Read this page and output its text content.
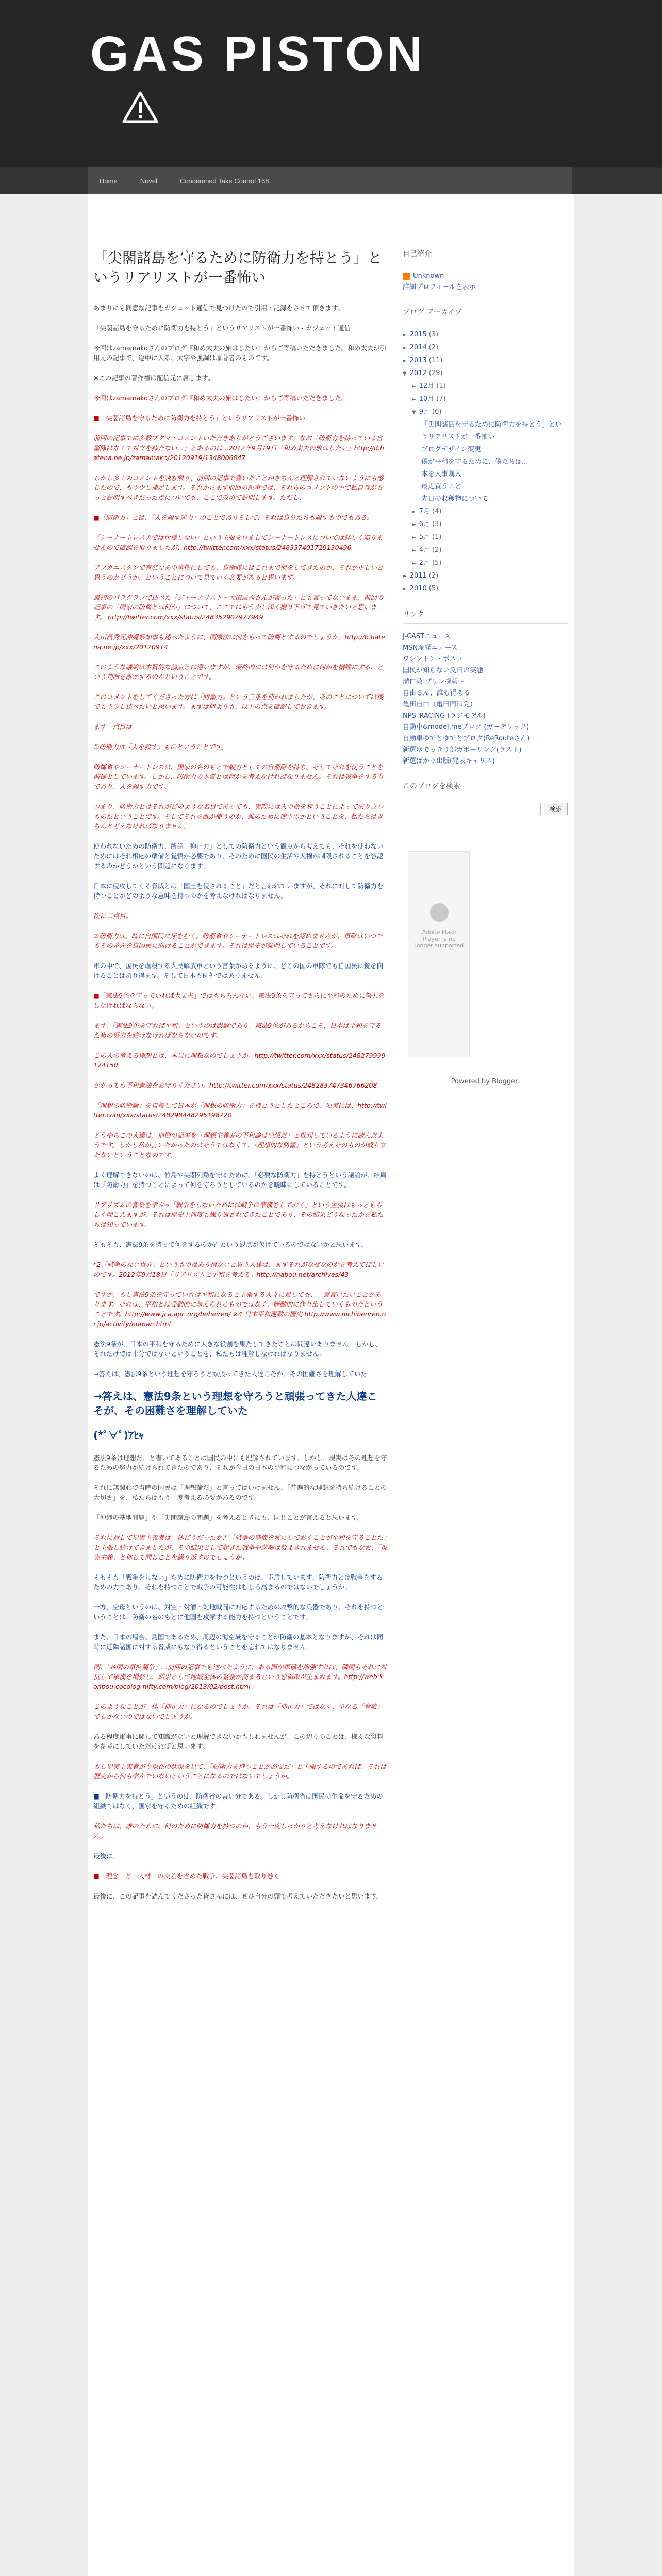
GAS PISTON
Home	Novel	Condemned Take Control 168
「尖閣諸島を守るために防衛力を持とう」というリアリストが一番怖い
あまりにも同意な記事をガジェット通信で見つけたので引用・記録をさせて頂きます。
「尖閣諸島を守るために防衛力を持とう」というリアリストが一番怖い - ガジェット通信
今回はzamamakoさんのブログ『和め太夫の旅はしたい』からご寄稿いただきました。和め太夫が引用元の記事で、途中に入る、太字や強調は原著者のものです。
※この記事の著作権は配信元に属します。
今回はzamamakoさんのブログ『和め太夫の旅はしたい』からご寄稿いただきました。
■「尖閣諸島を守るために防衛力を持とう」というリアリストが一番怖い
前回の記事でに多数ブクマ・コメントいただきありがとうございます。なお「防衛力を持っている自衛隊はなくて対立を持たない…」とあるのは…2012年9月19日「和め太夫の旅はしたい」http://d.hatena.ne.jp/zamamako/20120919/1348006047
しかし多くのコメントを読む限り、前回の記事で書いたことがきちんと理解されていないようにも感じたので、もう少し補足します。それからまず前回の記事では、それらのコメントの中で私自身がもっと説明すべきだった点についても、ここで改めて説明します。ただし、
■「防衛力」とは、「人を殺す能力」のことでありそして、それは自分たちも殺すものでもある。
「シーナートレスナでは仕様しない」という主張を見ましてシーナートレスについては詳しく知りませんので確認を取りましたが、http://twitter.com/xxx/status/248337401729130496
アフガニスタンで有名なあの事件にしても、自衛隊にはこれまで何をしてきたのか、それが正しいと思うのかどうか、ということについて見ていく必要があると思います。
最初のパラグラフで述べた「ジャーナリスト・大田昌秀さんが言った」とも言ってないまま、前回の記事の「国家の防衛とは何か」について、ここではもう少し深く掘り下げて見ていきたいと思います。 http://twitter.com/xxx/status/248352907977949
大田昌秀元沖縄県知事も述べたように、国際法は何をもって防衛とするのでしょうか。http://b.hatena.ne.jp/xxx/20120914
このような議論は本質的な論点とは違いますが、最終的には何かを守るために何かを犠牲にする、という判断を誰がするのかということです。
このコメントをしてくださった方は「防衛力」という言葉を使われましたが、そのことについては後でもう少し述べたいと思います。まずは何よりも、以下の点を確認しておきます。
まず一点目は
①防衛力は「人を殺す」ものということです。
防衛省やシーナートレスは、国家の名のもとで戦力としての自衛隊を持ち、そしてそれを使うことを前提としています。しかし、防衛力の本質とは何かを考えなければなりません。それは戦争をする力であり、人を殺す力です。
つまり、防衛力とはそれがどのような名目であっても、実際には人の命を奪うことによって成り立つものだということです。そしてそれを誰が使うのか、誰のために使うのかということを、私たちはきちんと考えなければなりません。
使われないための防衛力、所謂「抑止力」としての防衛力という観点から考えても、それを使わないためにはそれ相応の準備と覚悟が必要であり、そのために国民の生活や人権が制限されることを容認するのかどうかという問題になります。
日本に侵攻してくる脅威とは「国土を侵されること」だと言われていますが、それに対して防衛力を持つことがどのような意味を持つのかを考えなければなりません。
次に二点目。
②防衛力は、時に自国民に牙をむく。防衛省やシーナートレスはそれを認めませんが、軍隊はいつでもその矛先を自国民に向けることができます。それは歴史が証明していることです。
軍の中で、国民を虐殺する人民解放軍という言葉があるように、どこの国の軍隊でも自国民に銃を向けることはあり得ます。そして日本も例外ではありません。
■「憲法9条を守っていれば大丈夫」ではもちろんない。憲法9条を守ってさらに平和のために努力をしなければならない。
まず、「憲法9条を守れば平和」というのは誤解であり、憲法9条があるからこそ、日本は平和を守るための努力を続けなければならないのです。
この人の考える理想とは、本当に理想なのでしょうか。http://twitter.com/xxx/status/248279999174150
かかっても平和憲法をお守りください。http://twitter.com/xxx/status/248283747346766208
「理想の防衛論」を自慢して日本が「理想の防衛力」を持とうとしたところで、現実には、http://twitter.com/xxx/status/248298448295198720
どうやらこの人達は、前回の記事を「理想主義者の平和論は空想だ」と批判しているように読んだようです。しかし私が言いたかったのはそうではなくて、「理想的な防衛」という考えそのものが成り立たないということなのです。
よく理解できないのは、竹島や尖閣列島を守るために、「必要な防衛力」を持とうという議論が、結局は「防衛力」を持つことによって何を守ろうとしているのかを曖昧にしていることです。
リアリズムの背景を学ぶ⇒「戦争をしないためには戦争の準備をしておく」という主張はもっともらしく聞こえますが、それは歴史上何度も繰り返されてきたことであり、その結果どうなったかを私たちは知っています。
そもそも、憲法9条を持って何をするのか？という観点が欠けているのではないかと思います。
*2「戦争のない世界」というものはあり得ないと思う人達は、まずそれがなぜなのかを考えてほしいのです。2012年9月18日「リアリズムと平和を考える」http://nabou.net/archives/43
ですが、もし憲法9条を守っていれば平和になると主張する人々に対しても、一言言いたいことがあります。それは、平和とは受動的に与えられるものではなく、能動的に作り出していくものだということです。http://www.jca.apc.org/beheiren/ ※4 日本平和運動の歴史 http://www.nichibenren.or.jp/activity/human.html
憲法9条が、日本の平和を守るために大きな役割を果たしてきたことは間違いありません。しかし、それだけでは十分ではないということを、私たちは理解しなければなりません。
→答えは、憲法9条という理想を守ろうと頑張ってきた人達こそが、その困難さを理解していた
→答えは、憲法9条という理想を守ろうと頑張ってきた人達こそが、その困難さを理解していた
(*ﾟ∀ﾟ)ｱﾋｬ
憲法9条は理想だ、と書いてあることは国民の中にも理解されています。しかし、現実はその理想を守るための努力が続けられてきたのであり、それが今日の日本の平和につながっているのです。
それに無関心で当時の国民は「理想論だ」と言ってはいけません。「普遍的な理想を持ち続けることの大切さ」を、私たちはもう一度考える必要があるのです。
「沖縄の基地問題」や「尖閣諸島の問題」を考えるときにも、同じことが言えると思います。
それに対して現実主義者は一体どうだったか？「戦争の準備を常にしておくことが平和を守ることだ」と主張し続けてきましたが、その結果として起きた戦争や悲劇は数えきれません。それでもなお、「現実主義」と称して同じことを繰り返すのでしょうか。
そもそも「戦争をしない」ために防衛力を持つというのは、矛盾しています。防衛力とは戦争をするための力であり、それを持つことで戦争の可能性はむしろ高まるのではないでしょうか。
一方、空母というのは、対空・対潜・対地戦闘に対応するための攻撃的な兵器であり、それを持つということは、防衛の名のもとに他国を攻撃する能力を持つということです。
また、日本の場合、島国であるため、周辺の海空域を守ることが防衛の基本となりますが、それは同時に近隣諸国に対する脅威にもなり得るということを忘れてはなりません。
例：「各国の軍拡競争」…前回の記事でも述べたように、ある国が軍備を増強すれば、隣国もそれに対抗して軍備を増強し、結果として地域全体の緊張が高まるという悪循環が生まれます。http://web-konpou.cocolog-nifty.com/blog/2013/02/post.html
このようなことが一体「抑止力」になるのでしょうか。それは「抑止力」ではなく、単なる「脅威」でしかないのではないでしょうか。
ある程度軍事に関して知識がないと理解できないかもしれませんが、この辺りのことは、様々な資料を参考にしていただければと思います。
もし現実主義者が今現在の状況を見て、「防衛力を持つことが必要だ」と主張するのであれば、それは歴史から何も学んでいないということになるのではないでしょうか。
■「防衛力を持とう」というのは、防衛省の言い分である。しかし防衛省は国民の生命を守るための組織ではなく、国家を守るための組織です。
私たちは、誰のために、何のために防衛力を持つのか、もう一度しっかりと考えなければなりません。
最後に、
■「理念」と「人材」の交差を含めた戦争、尖閣諸島を取り巻く
最後に、この記事を読んでくださった皆さんには、ぜひ自分の頭で考えていただきたいと思います。
自己紹介
Unknown
詳細プロフィールを表示
ブログ アーカイブ
► 2015 (3)
► 2014 (2)
► 2013 (11)
▼ 2012 (29)
► 12月 (1)
► 10月 (7)
▼ 9月 (6)
「尖閣諸島を守るために防衛力を持とう」というリアリストが一番怖い
ブログデザイン変更
僕が平和を守るために、僕たちは...
本を大事購入
最近買うこと
先日の収穫物について
► 7月 (4)
► 6月 (3)
► 5月 (1)
► 4月 (2)
► 2月 (5)
► 2011 (2)
► 2010 (5)
リンク
J-CASTニュース
MSN産経ニュース
ワシントン・ポスト
国民が知らない反日の実態
溝口敦 プリン探報～
自由さん、誰も得ある
亀田自由（亀田同和党）
NPS_RACING (ラジモデル)
自動車&model.meブログ (ガーデリック)
自動車ゆでとゆでとブログ(ReRouteさん)
新選ゆでっきり部カポーリング(ラスト)
新選ばかり出版(発表キャリス)
このブログを検索
検索
Adobe Flash Player is no longer supported
Powered by Blogger.
